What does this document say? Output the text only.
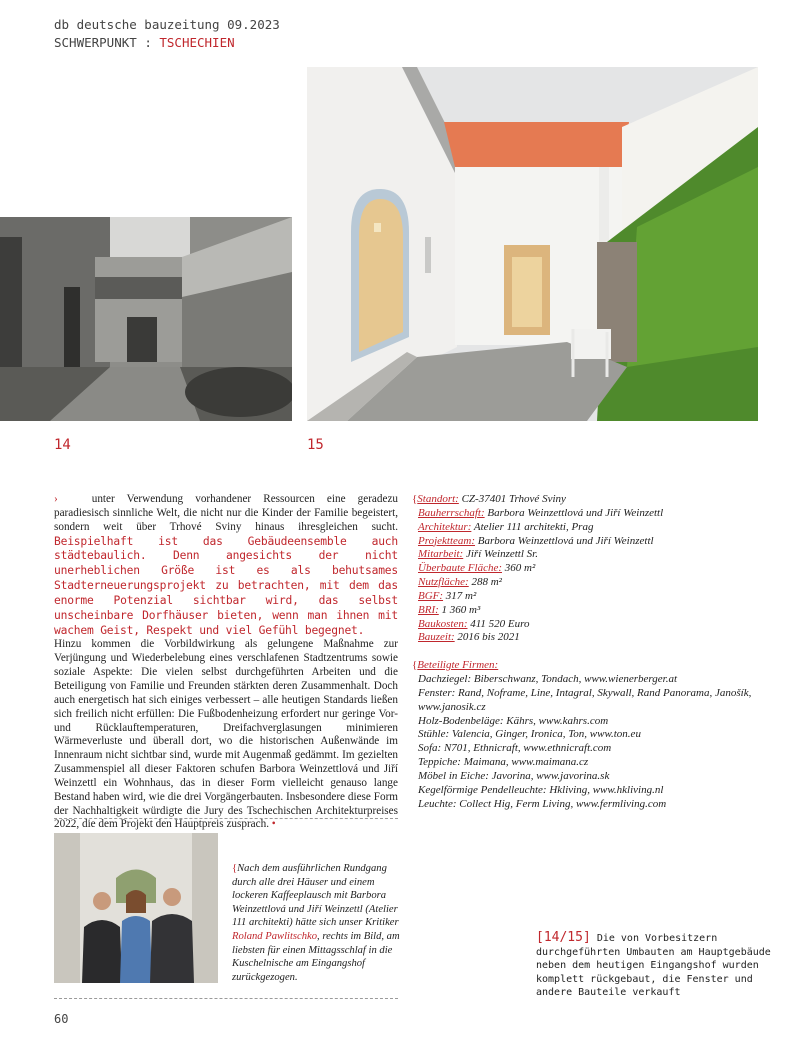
db deutsche bauzeitung 09.2023
SCHWERPUNKT : TSCHECHIEN
14	15
›	unter Verwendung vorhandener Ressourcen eine geradezu paradiesisch sinnliche Welt, die nicht nur die Kinder der Familie begeistert, sondern weit über Trhové Sviny hinaus ihresgleichen sucht. Beispielhaft ist das Gebäudeensemble auch städtebaulich. Denn angesichts der nicht unerheblichen Größe ist es als behutsames Stadterneuerungsprojekt zu betrachten, mit dem das enorme Potenzial sichtbar wird, das selbst unscheinbare Dorfhäuser bieten, wenn man ihnen mit wachem Geist, Respekt und viel Gefühl begegnet.
Hinzu kommen die Vorbildwirkung als gelungene Maßnahme zur Verjüngung und Wiederbelebung eines verschlafenen Stadtzentrums sowie soziale Aspekte: Die vielen selbst durchgeführten Arbeiten und die Beteiligung von Familie und Freunden stärkten deren Zusammenhalt. Doch auch energetisch hat sich einiges verbessert – alle heutigen Standards ließen sich freilich nicht erfüllen: Die Fußbodenheizung erfordert nur geringe Vor- und Rücklauftemperaturen, Dreifachverglasungen minimieren Wärmeverluste und überall dort, wo die historischen Außenwände im Innenraum nicht sichtbar sind, wurde mit Augenmaß gedämmt. Im gezielten Zusammenspiel all dieser Faktoren schufen Barbora Weinzettlová und Jiří Weinzettl ein Wohnhaus, das in dieser Form vielleicht genauso lange Bestand haben wird, wie die drei Vorgängerbauten. Insbesondere diese Form der Nachhaltigkeit würdigte die Jury des Tschechischen Architekturpreises 2022, die dem Projekt den Hauptpreis zusprach. •
{Standort: CZ-37401 Trhové Sviny
Bauherrschaft: Barbora Weinzettlová und Jiří Weinzettl
Architektur: Atelier 111 architekti, Prag
Projektteam: Barbora Weinzettlová und Jiří Weinzettl
Mitarbeit: Jiří Weinzettl Sr.
Überbaute Fläche: 360 m²
Nutzfläche: 288 m²
BGF: 317 m²
BRI: 1 360 m³
Baukosten: 411 520 Euro
Bauzeit: 2016 bis 2021
{Beteiligte Firmen:
Dachziegel: Biberschwanz, Tondach, www.wienerberger.at
Fenster: Rand, Noframe, Line, Intagral, Skywall, Rand Panorama, Janošík, www.janosik.cz
Holz-Bodenbeläge: Kährs, www.kahrs.com
Stühle: Valencia, Ginger, Ironica, Ton, www.ton.eu
Sofa: N701, Ethnicraft, www.ethnicraft.com
Teppiche: Maimana, www.maimana.cz
Möbel in Eiche: Javorina, www.javorina.sk
Kegelförmige Pendelleuchte: Hkliving, www.hkliving.nl
Leuchte: Collect Hig, Ferm Living, www.fermliving.com
{Nach dem ausführlichen Rundgang durch alle drei Häuser und einem lockeren Kaffeeplausch mit Barbora Weinzettlová und Jiří Weinzettl (Atelier 111 architekti) hätte sich unser Kritiker Roland Pawlitschko, rechts im Bild, am liebsten für einen Mittagsschlaf in die Kuschelnische am Eingangshof zurückgezogen.
[14/15] Die von Vorbesitzern durchgeführten Umbauten am Hauptgebäude neben dem heutigen Eingangshof wurden komplett rückgebaut, die Fenster und andere Bauteile verkauft
60
